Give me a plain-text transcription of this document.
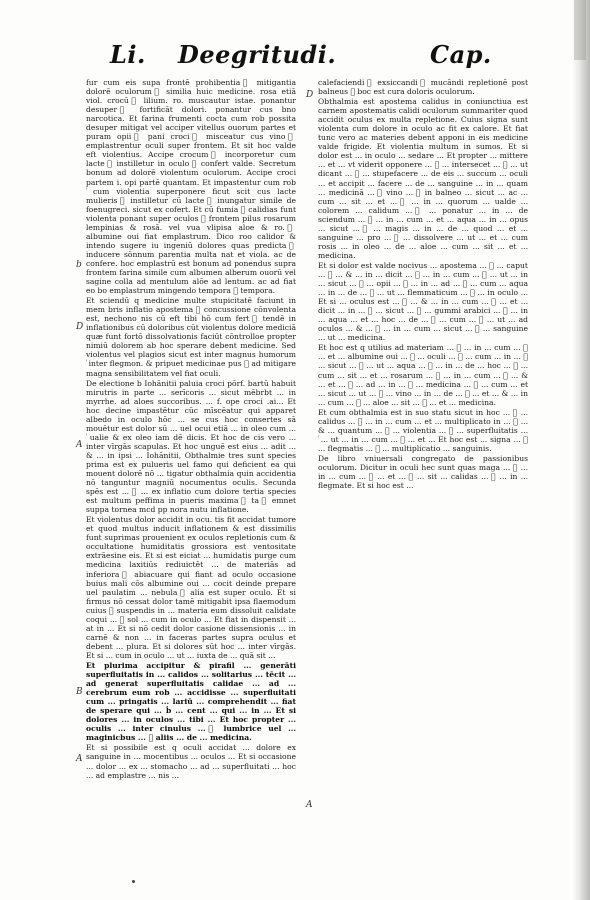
Li. Deegritudi.	Cap.
b
D
A
B
A
D
A

fur cum eis supa frontē prohibentia ᷣ mitigantia dolorē oculorum ᷣ similia huic medicine. rosa etiā viol. crocū ᷣ lilium. ro. muscautur istae. ponantur desuper ᷣ fortificāt dolori. ponantur cus bno narcotica. Et farina frumenti cocta cum rob possita desuper mitigat vel acciper vitellus ouorum partes et puram opii ᷣ pani croci ᷣ misceatur cus vino ᷣ emplastrentur oculi super frontem. Et sit hoc valde eft violentius. Accipe crocum ᷣ incorporetur cum lacte ᷣ instilletur in oculo ᷣ confert valde. Secretum bonum ad dolorē violentum oculorum. Accipe croci partem i. opi partē quantam. Et impastentur cum rob ᷣ cum violentia superponere ficut scit cus lacte mulieris ᷣ instilletur cū lacte ᷣ inungatur simile de foenugreci. sicut ex cofert. Et cū fumia ᷣ calidias funt violenta ponant super oculos ᷣ frontem pilus rosarum lempinias & rosā. vel vua vlipisa aloe & ro. ᷣ albumine oui fiat emplastrum. Dico roo calidor & intendo sugere iu ingeniū dolores quas predicta ᷣ inducere sōnnum parentia multa nat et viola. ac de confere. hoc emplastrū est bonum ad ponendus supra frontem farina simile cum albumen alberum ouorū vel sagine colla ad mentulum alōe ad lentum. ac ad fiat eo bo emplastrum mingendo tempora ᷣ tempora.

Et sciendū q medicine multe stupicitatē faciunt in mem bris inflatio apostema ᷣ concussione cōnvolenta est, nechono nis cū eft tibi hō cum fert ᷣ tendē in inflationibus cū doloribus cūt violentus dolore mediciā quæ funt fortō dissolvationis faciūt cōntrolloe propter nimiū dolorem ab hoc sperare debent medicine. Sed violentus vel plagios sicut est inter magnus humorum ᷣ inter flegmon. & pripuet medicinae pus ᷣ ad mitigare magna sensibilitatem vel fiat oculi.

De electione b Iohānitii paluia croci pōrf. bartū habuit mirutris in parte ... serīcoris ... sicut mēbrbt ... in myrrhe. ad aloes succoribus. ... f. ope croci .ai... Et hoc decine impastētur cūc mīscēatur qui apparet albedo in oculo hōc ... se cus hoc consertes sā mouētur est dolor sū ... uel ocui etiā ... in oleo cum ... ᷣ ualie & ex oleo iam dē dicis. Et hoc de cis vero ... inter vīrgās scapulas. Et hoc unguē est eius ... adit ... & ... in ipsi ... Iohānitii, Obthalmie tres sunt species prima est ex pulueris uel famo qui deficient ea qui mouent dolorē nō ... tigatur obthalmia quin accidentia nō tanguntur magniū nocumentus oculis. Secunda spēs est ... ᷣ ... ex inflatio cum dolore tertia species est multum peffima in pueris maxima ᷣ ta ᷣ emnet suppa tornea mcd pp nora nutu inflatione.

Et violentus dolor accidit in ocu. tis fit accidat tumore et quod multus inducit inflationem & est dissimilis funt suprimas prouenient ex oculos repletionis cum & occultatione humiditatis grossiora est ventositate extrāesine eis. Et si est eiciat ... humidatis purge cum medicina laxitiūs rediuictēt ... de materiās ad inferiora ᷣ abiacuare qui fiant ad oculo occasione buius mali cōs albumine oui ... cocit deinde prepare uel paulatim ... nebula ᷣ alia est super oculo. Et si firmus nō cessat dolor tamē mitigabit ipsa flaemodum cuius ᷣ suspendis in ... materia eum dissoluit calidate coqui ... ᷣ sol ... cum in oculo ... Et fiat in dispensit ... at in ... Et si nō cedit dolor casione dissensionis ... in carnē & non ... in faceras partes supra oculus et debent ... plura. Et si dolores sūt hoc ... inter vīrgās. Et si ... cum in oculo ... ut ... iuxta de ... quā sit ...

Et plurima accipitur & pirafil ... generāti superfluitatis in ... calidos ... solitarius ... tēcit ... ad generat superfluitatis calidae ... ad ... cerebrum eum rob ... accidisse ... superfluitati cum ... pringatis ... lariū ... comprehendit ... fiat de sperare qui ... ḃ ... cent ... qui ... in ... Et si dolores ... in oculos ... tibi ... Et hoc propter ... oculis ... inter cinulus ... ᷣ lumbrice uel ... maginicbus ... ᷣ aliis ... de ... medicina.

Et si possibile est q oculi accidat ... dolore ex sanguine in ... mocentibus ... oculos ... Et si occasione ... dolor ... ex ... stomacho ... ad ... superfluitati ... hoc ... ad emplastre ... nis ...

calefaciendi ᷣ exsiccandi ᷣ mucāndi repletionē post balneus ᷣ boc est cura doloris oculorum.

Obthalmia est apostema calidus in coniunctiua est carnem apostematis calidi oculorum summariter quod accidit oculus ex multa repletione. Cuius signa sunt violenta cum dolore in oculo ac fit ex calore. Et fiat tunc vero ac materies debent apponi in eis medicine valde frigide. Et violentia multum in sumos. Et si dolor est ... in oculo ... sedare ... Et propter ... mittere ... et ... vt viderit opponere ... ᷣ ... intersecet ... ᷣ ... ut dicant ... ᷣ ... stupefacere ... de eis ... succum ... oculi ... et accipit ... facere ... de ... sanguine ... in ... quam ... medicinā ... ᷣ vino ... ᷣ in balneo ... sicut ... ac ... cum ... sit ... et ... ᷣ ... in ... quorum ... ualde ... colorem ... calidum ... ᷣ ... ponatur ... in ... de sciendum ... ᷣ ... in ... cum ... et ... aqua ... in ... opus ... sicut ... ᷣ ... magis ... in ... de ... quod ... et ... sanguine ... pro ... ᷣ ... dissolvere ... ut ... et ... cum rosis ... in oleo ... de ... aloe ... cum ... sit ... et ... medicina.

Et si dolor est valde nocivus ... apostema ... ᷣ ... caput ... ᷣ ... & ... in ... dicit ... ᷣ ... in ... cum ... ᷣ ... ut ... in ... sicut ... ᷣ ... opii ... ᷣ ... in ... ad ... ᷣ ... cum ... aqua ... in ... de ... ᷣ ... ut ... flemmaticum ... ᷣ ... in oculo ... Et si ... oculus est ... ᷣ ... & ... in ... cum ... ᷣ ... et ... dicit ... in ... ᷣ ... sicut ... ᷣ ... gummi arabici ... ᷣ ... in ... aqua ... et ... hoc ... de ... ᷣ ... cum ... ᷣ ... ut ... ad oculos ... & ... ᷣ ... in ... cum ... sicut ... ᷣ ... sanguine ... ut ... medicina.

Et hoc est q utilius ad materiam ... ᷣ ... in ... cum ... ᷣ ... et ... albumine oui ... ᷣ ... oculi ... ᷣ ... cum ... in ... ᷣ ... sicut ... ᷣ ... ut ... aqua ... ᷣ ... in ... de ... hoc ... ᷣ ... cum ... sit ... et ... rosarum ... ᷣ ... in ... cum ... ᷣ ... & ... et ... ᷣ ... ad ... in ... ᷣ ... medicina ... ᷣ ... cum ... et ... sicut ... ut ... ᷣ ... vino ... in ... de ... ᷣ ... et ... & ... in ... cum ... ᷣ ... aloe ... sit ... ᷣ ... et ... medicina.

Et cum obthalmia est in suo statu sicut in hoc ... ᷣ ... calidus ... ᷣ ... in ... cum ... et ... multiplicato in ... ᷣ ... & ... quantum ... ᷣ ... violentia ... ᷣ ... superfluitatis ... ᷣ ... ut ... in ... cum ... ᷣ ... et ... Et hoc est ... signa ... ᷣ ... flegmatis ... ᷣ ... multiplicatio ... sanguinis.

De libro vniuersali congregato de passionibus oculorum. Dicitur in oculi hec sunt quas maga ... ᷣ ... in ... cum ... ᷣ ... et ... ᷣ ... sit ... calidas ... ᷣ ... in ... flegmate. Et si hoc est ...
